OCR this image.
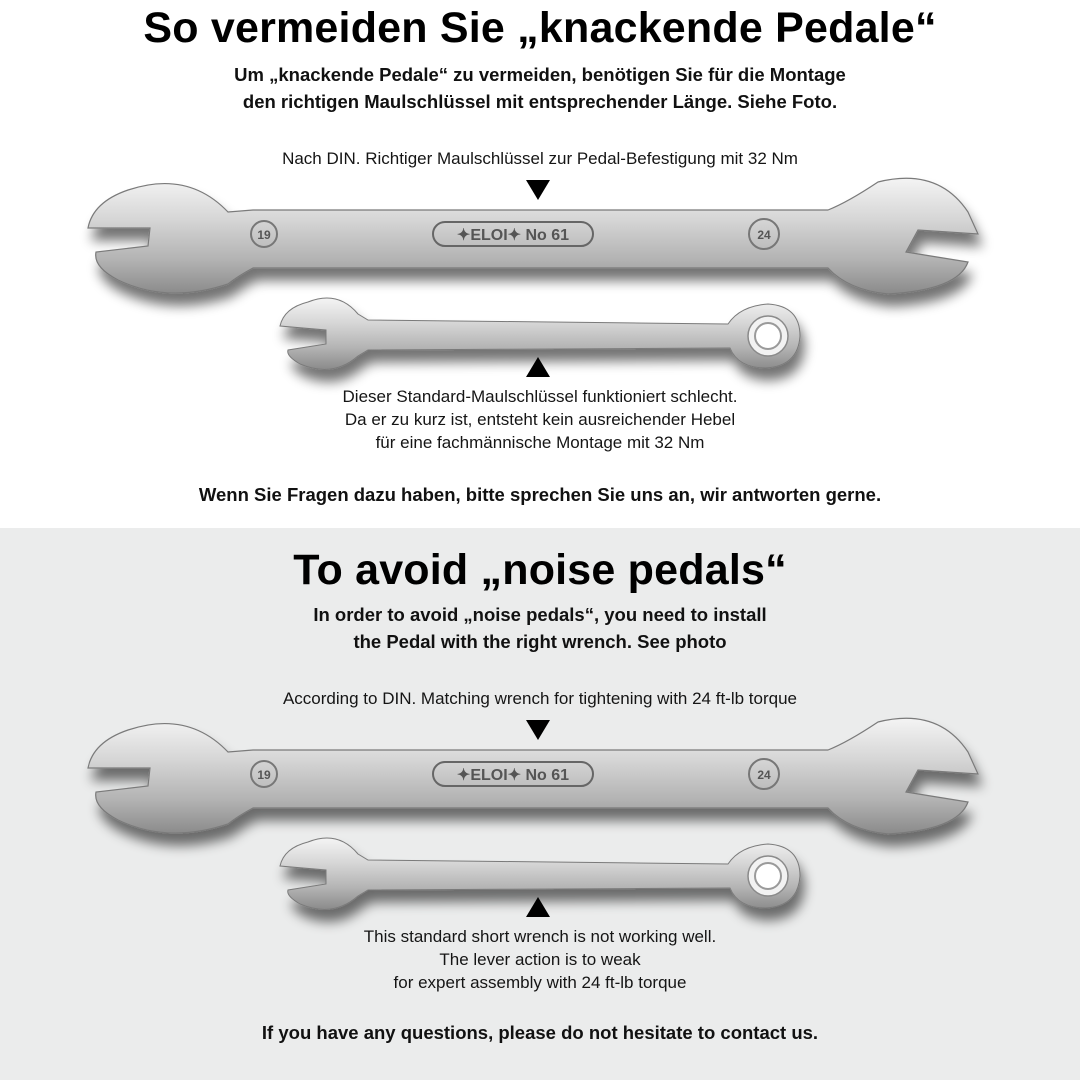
So vermeiden Sie „knackende Pedale“
Um „knackende Pedale“ zu vermeiden, benötigen Sie für die Montage
den richtigen Maulschlüssel mit entsprechender Länge. Siehe Foto.
Nach DIN. Richtiger Maulschlüssel zur Pedal-Befestigung mit 32 Nm
✦ELOI✦ No 61
19	24
Dieser Standard-Maulschlüssel funktioniert schlecht.
Da er zu kurz ist, entsteht kein ausreichender Hebel
für eine fachmännische Montage mit 32 Nm
Wenn Sie Fragen dazu haben, bitte sprechen Sie uns an, wir antworten gerne.
To avoid „noise pedals“
In order to avoid „noise pedals“, you need to install
the Pedal with the right wrench. See photo
According to DIN. Matching wrench for tightening with 24 ft-lb torque
✦ELOI✦ No 61
19	24
This standard short wrench is not working well.
The lever action is to weak
for expert assembly with 24 ft-lb torque
If you have any questions, please do not hesitate to contact us.
